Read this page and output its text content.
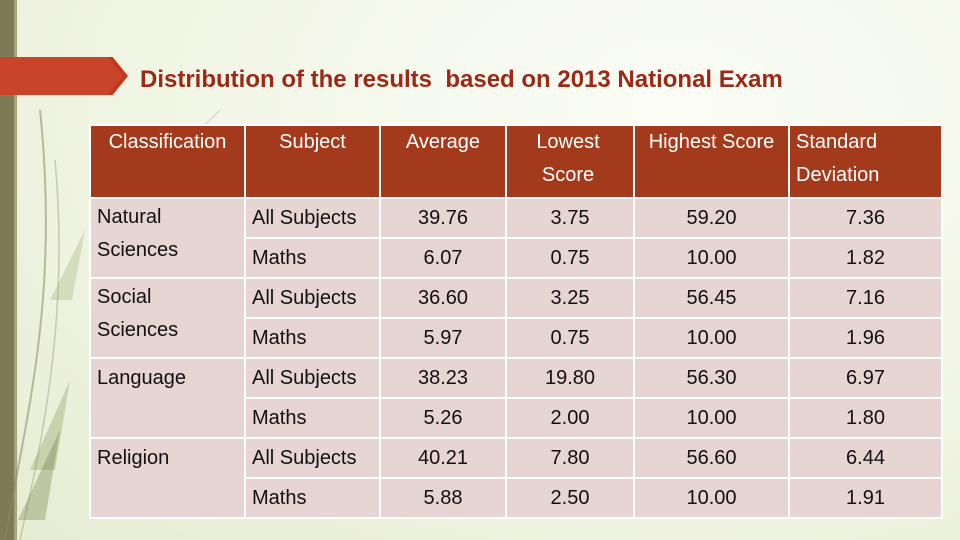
Distribution of the results  based on 2013 National Exam
Classification	Subject	Average	Lowest Score	Highest Score	Standard Deviation
Natural Sciences	All Subjects	39.76	3.75	59.20	7.36
	Maths	6.07	0.75	10.00	1.82
Social Sciences	All Subjects	36.60	3.25	56.45	7.16
	Maths	5.97	0.75	10.00	1.96
Language	All Subjects	38.23	19.80	56.30	6.97
	Maths	5.26	2.00	10.00	1.80
Religion	All Subjects	40.21	7.80	56.60	6.44
	Maths	5.88	2.50	10.00	1.91
